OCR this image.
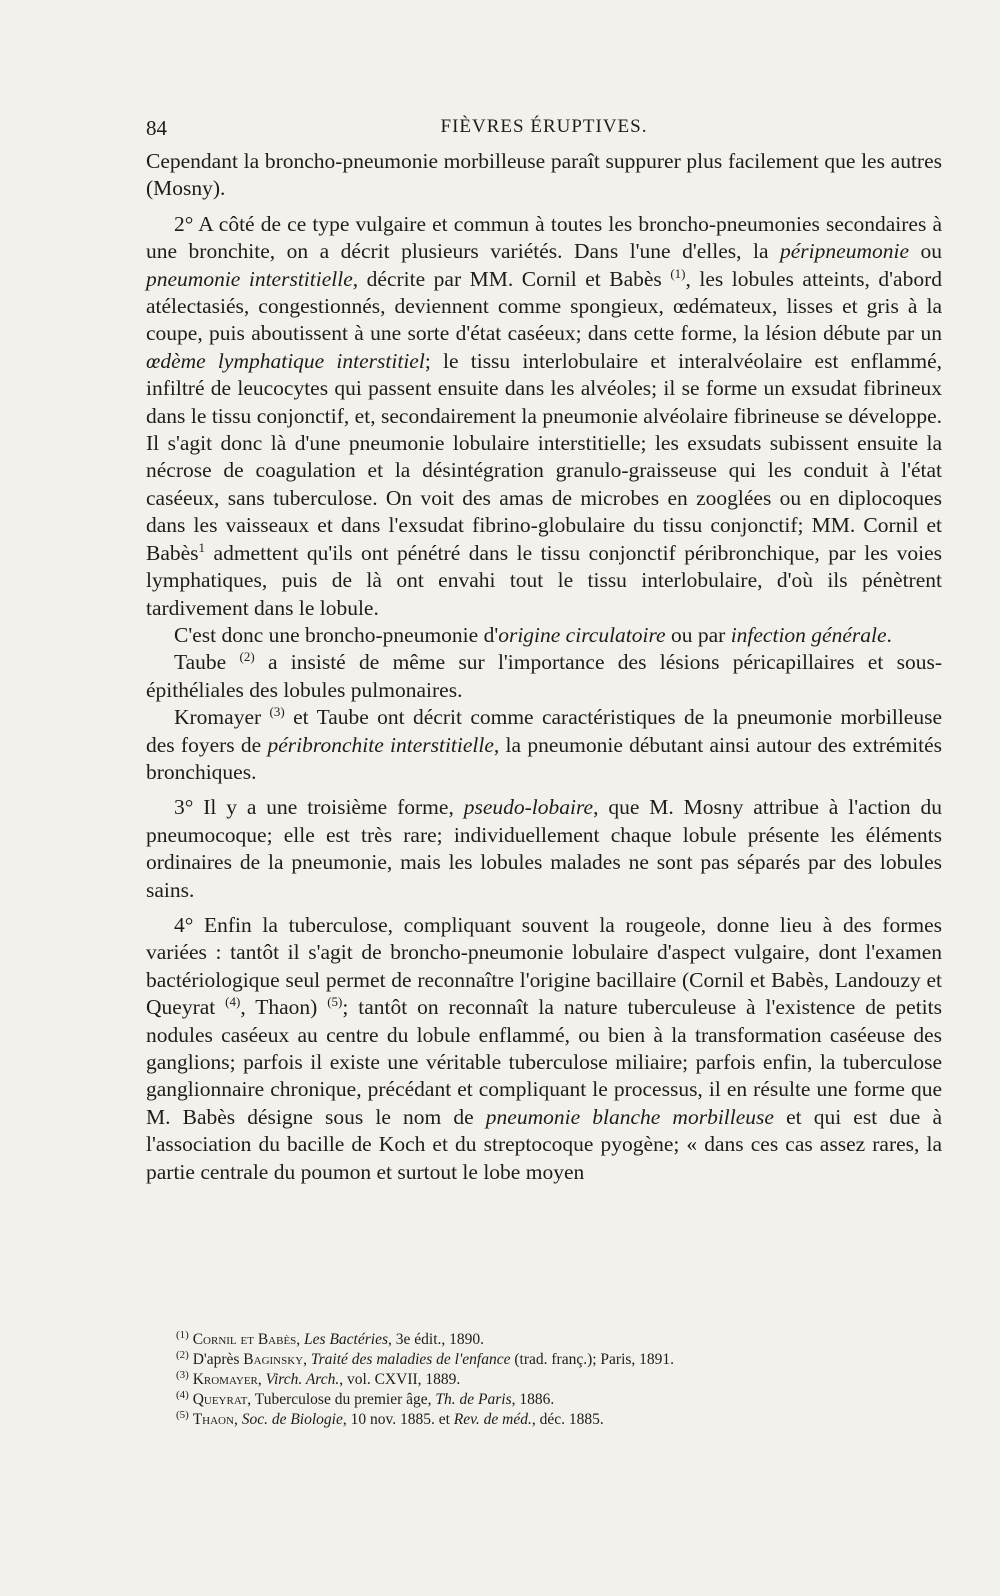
84	FIÈVRES ÉRUPTIVES.

Cependant la broncho-pneumonie morbilleuse paraît suppurer plus facilement que les autres (Mosny).

2° A côté de ce type vulgaire et commun à toutes les broncho-pneumonies secondaires à une bronchite, on a décrit plusieurs variétés. Dans l'une d'elles, la péripneumonie ou pneumonie interstitielle, décrite par MM. Cornil et Babès $^{(1)}$, les lobules atteints, d'abord atélectasiés, congestionnés, deviennent comme spongieux, œdémateux, lisses et gris à la coupe, puis aboutissent à une sorte d'état caséeux; dans cette forme, la lésion débute par un œdème lymphatique interstitiel; le tissu interlobulaire et interalvéolaire est enflammé, infiltré de leucocytes qui passent ensuite dans les alvéoles; il se forme un exsudat fibrineux dans le tissu conjonctif, et, secondairement la pneumonie alvéolaire fibrineuse se développe. Il s'agit donc là d'une pneumonie lobulaire interstitielle; les exsudats subissent ensuite la nécrose de coagulation et la désintégration granulo-graisseuse qui les conduit à l'état caséeux, sans tuberculose. On voit des amas de microbes en zooglées ou en diplocoques dans les vaisseaux et dans l'exsudat fibrino-globulaire du tissu conjonctif; MM. Cornil et Babès$^1$ admettent qu'ils ont pénétré dans le tissu conjonctif péribronchique, par les voies lymphatiques, puis de là ont envahi tout le tissu interlobulaire, d'où ils pénètrent tardivement dans le lobule.

C'est donc une broncho-pneumonie d'origine circulatoire ou par infection générale.

Taube $^{(2)}$ a insisté de même sur l'importance des lésions péricapillaires et sous-épithéliales des lobules pulmonaires.

Kromayer $^{(3)}$ et Taube ont décrit comme caractéristiques de la pneumonie morbilleuse des foyers de péribronchite interstitielle, la pneumonie débutant ainsi autour des extrémités bronchiques.

3° Il y a une troisième forme, pseudo-lobaire, que M. Mosny attribue à l'action du pneumocoque; elle est très rare; individuellement chaque lobule présente les éléments ordinaires de la pneumonie, mais les lobules malades ne sont pas séparés par des lobules sains.

4° Enfin la tuberculose, compliquant souvent la rougeole, donne lieu à des formes variées : tantôt il s'agit de broncho-pneumonie lobulaire d'aspect vulgaire, dont l'examen bactériologique seul permet de reconnaître l'origine bacillaire (Cornil et Babès, Landouzy et Queyrat $^{(4)}$, Thaon) $^{(5)}$; tantôt on reconnaît la nature tuberculeuse à l'existence de petits nodules caséeux au centre du lobule enflammé, ou bien à la transformation caséeuse des ganglions; parfois il existe une véritable tuberculose miliaire; parfois enfin, la tuberculose ganglionnaire chronique, précédant et compliquant le processus, il en résulte une forme que M. Babès désigne sous le nom de pneumonie blanche morbilleuse et qui est due à l'association du bacille de Koch et du streptocoque pyogène; « dans ces cas assez rares, la partie centrale du poumon et surtout le lobe moyen

$^{(1)}$ Cornil et Babès, Les Bactéries, 3e édit., 1890.
$^{(2)}$ D'après Baginsky, Traité des maladies de l'enfance (trad. franç.); Paris, 1891.
$^{(3)}$ Kromayer, Virch. Arch., vol. CXVII, 1889.
$^{(4)}$ Queyrat, Tuberculose du premier âge, Th. de Paris, 1886.
$^{(5)}$ Thaon, Soc. de Biologie, 10 nov. 1885. et Rev. de méd., déc. 1885.
